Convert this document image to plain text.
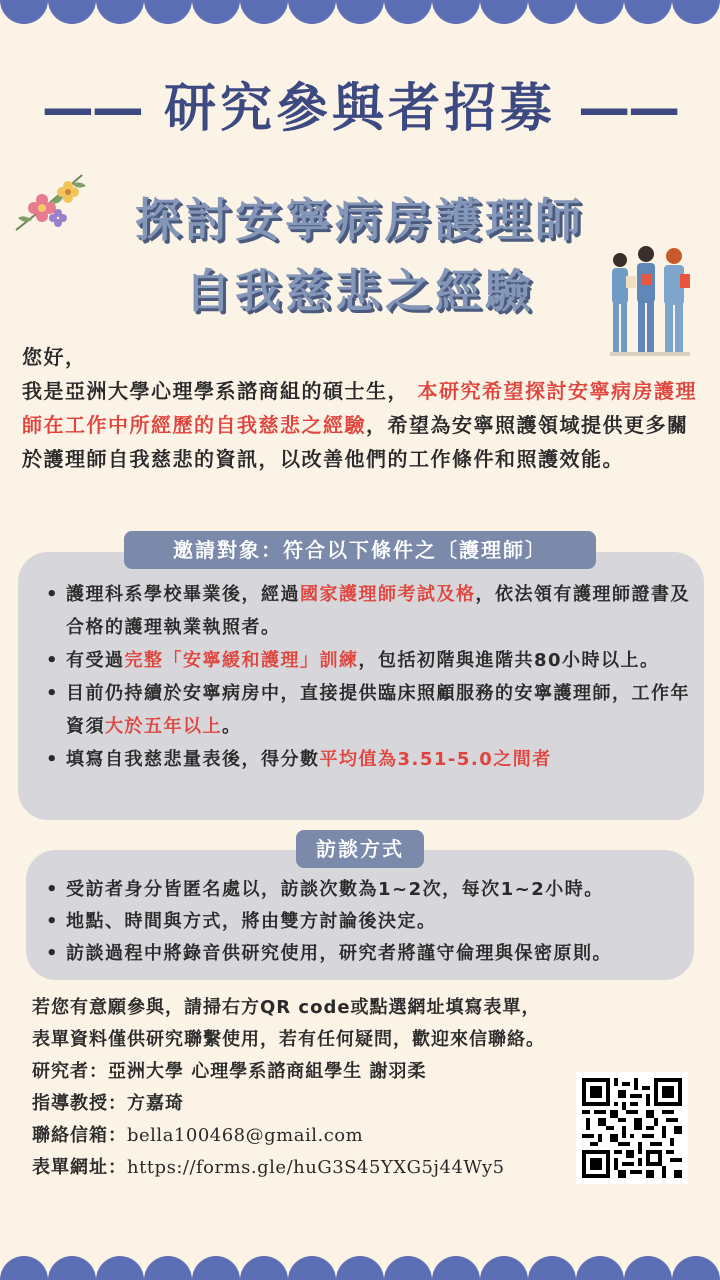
—— 研究參與者招募 ——
探討安寧病房護理師
自我慈悲之經驗
您好，
我是亞洲大學心理學系諮商組的碩士生， 本研究希望探討安寧病房護理師在工作中所經歷的自我慈悲之經驗，希望為安寧照護領域提供更多關於護理師自我慈悲的資訊，以改善他們的工作條件和照護效能。
邀請對象：符合以下條件之〔護理師〕
• 護理科系學校畢業後，經過國家護理師考試及格，依法領有護理師證書及合格的護理執業執照者。
• 有受過完整「安寧緩和護理」訓練，包括初階與進階共80小時以上。
• 目前仍持續於安寧病房中，直接提供臨床照顧服務的安寧護理師，工作年資須大於五年以上。
• 填寫自我慈悲量表後，得分數平均值為3.51-5.0之間者
訪談方式
• 受訪者身分皆匿名處以，訪談次數為1~2次，每次1~2小時。
• 地點、時間與方式，將由雙方討論後決定。
• 訪談過程中將錄音供研究使用，研究者將謹守倫理與保密原則。
若您有意願參與，請掃右方QR code或點選網址填寫表單，
表單資料僅供研究聯繫使用，若有任何疑問，歡迎來信聯絡。
研究者：亞洲大學 心理學系諮商組學生 謝羽柔
指導教授：方嘉琦
聯絡信箱：bella100468@gmail.com
表單網址：https://forms.gle/huG3S45YXG5j44Wy5
